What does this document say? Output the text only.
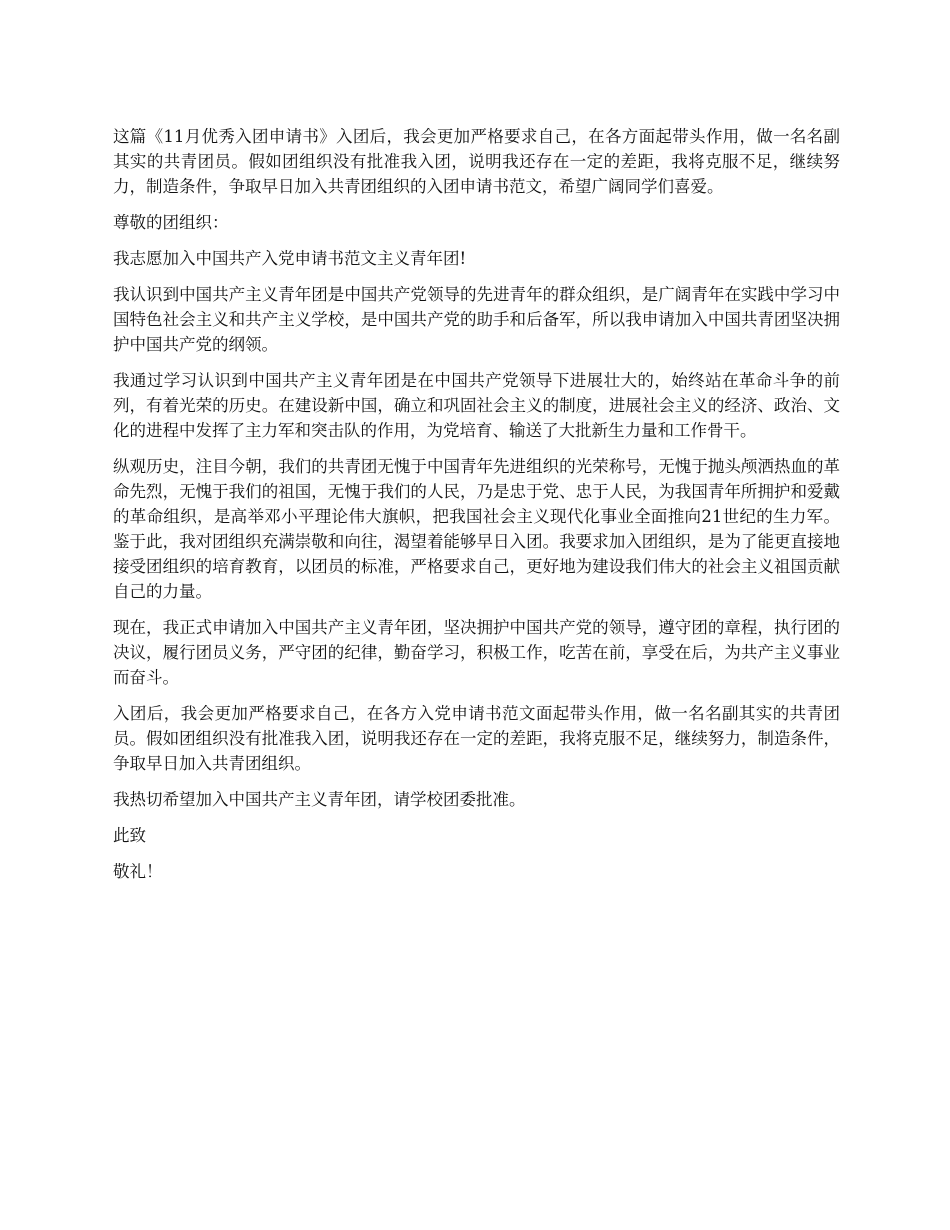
这篇《11月优秀入团申请书》入团后，我会更加严格要求自己，在各方面起带头作用，做一名名副其实的共青团员。假如团组织没有批准我入团，说明我还存在一定的差距，我将克服不足，继续努力，制造条件，争取早日加入共青团组织的入团申请书范文，希望广阔同学们喜爱。

尊敬的团组织：

我志愿加入中国共产入党申请书范文主义青年团!

我认识到中国共产主义青年团是中国共产党领导的先进青年的群众组织，是广阔青年在实践中学习中国特色社会主义和共产主义学校，是中国共产党的助手和后备军，所以我申请加入中国共青团坚决拥护中国共产党的纲领。

我通过学习认识到中国共产主义青年团是在中国共产党领导下进展壮大的，始终站在革命斗争的前列，有着光荣的历史。在建设新中国，确立和巩固社会主义的制度，进展社会主义的经济、政治、文化的进程中发挥了主力军和突击队的作用，为党培育、输送了大批新生力量和工作骨干。

纵观历史，注目今朝，我们的共青团无愧于中国青年先进组织的光荣称号，无愧于抛头颅洒热血的革命先烈，无愧于我们的祖国，无愧于我们的人民，乃是忠于党、忠于人民，为我国青年所拥护和爱戴的革命组织，是高举邓小平理论伟大旗帜，把我国社会主义现代化事业全面推向21世纪的生力军。鉴于此，我对团组织充满崇敬和向往，渴望着能够早日入团。我要求加入团组织，是为了能更直接地接受团组织的培育教育，以团员的标准，严格要求自己，更好地为建设我们伟大的社会主义祖国贡献自己的力量。

现在，我正式申请加入中国共产主义青年团，坚决拥护中国共产党的领导，遵守团的章程，执行团的决议，履行团员义务，严守团的纪律，勤奋学习，积极工作，吃苦在前，享受在后，为共产主义事业而奋斗。

入团后，我会更加严格要求自己，在各方入党申请书范文面起带头作用，做一名名副其实的共青团员。假如团组织没有批准我入团，说明我还存在一定的差距，我将克服不足，继续努力，制造条件，争取早日加入共青团组织。

我热切希望加入中国共产主义青年团，请学校团委批准。

此致

敬礼！
